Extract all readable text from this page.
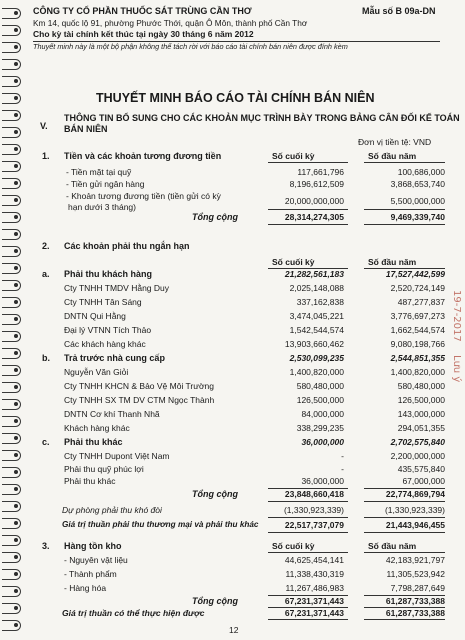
CÔNG TY CỔ PHẦN THUỐC SÁT TRÙNG CẦN THƠ	Mẫu số B 09a-DN
Km 14, quốc lộ 91, phường Phước Thới, quận Ô Môn, thành phố Cần Thơ
Cho kỳ tài chính kết thúc tại ngày 30 tháng 6 năm 2012
Thuyết minh này là một bộ phận không thể tách rời với báo cáo tài chính bán niên được đính kèm
THUYẾT MINH BÁO CÁO TÀI CHÍNH BÁN NIÊN
V.
THÔNG TIN BỔ SUNG CHO CÁC KHOẢN MỤC TRÌNH BÀY TRONG BẢNG CÂN ĐỐI KẾ TOÁN
BÁN NIÊN
Đơn vị tiền tệ: VND
1. Tiền và các khoản tương đương tiền	Số cuối kỳ	Số đầu năm
- Tiền mặt tại quỹ	117,661,796	100,686,000
- Tiền gửi ngân hàng	8,196,612,509	3,868,653,740
- Khoản tương đương tiền (tiền gửi có kỳ
hạn dưới 3 tháng)
20,000,000,000	5,500,000,000
Tổng cộng	28,314,274,305	9,469,339,740
2. Các khoản phải thu ngắn hạn
Số cuối kỳ	Số đầu năm
a. Phải thu khách hàng	21,282,561,183	17,527,442,599
Cty TNHH TMDV Hằng Duy	2,025,148,088	2,520,724,149
Cty TNHH Tân Sáng	337,162,838	487,277,837
DNTN Qui Hằng	3,474,045,221	3,776,697,273
Đại lý VTNN Tích Thảo	1,542,544,574	1,662,544,574
Các khách hàng khác	13,903,660,462	9,080,198,766
b. Trả trước nhà cung cấp	2,530,099,235	2,544,851,355
Nguyễn Văn Giỏi	1,400,820,000	1,400,820,000
Cty TNHH KHCN & Bảo Vệ Môi Trường	580,480,000	580,480,000
Cty TNHH SX TM DV CTM Ngọc Thành	126,500,000	126,500,000
DNTN Cơ khí Thanh Nhã	84,000,000	143,000,000
Khách hàng khác	338,299,235	294,051,355
c. Phải thu khác	36,000,000	2,702,575,840
Cty TNHH Dupont Việt Nam	-	2,200,000,000
Phải thu quỹ phúc lợi	-	435,575,840
Phải thu khác	36,000,000	67,000,000
Tổng cộng	23,848,660,418	22,774,869,794
Dự phòng phải thu khó đòi	(1,330,923,339)	(1,330,923,339)
Giá trị thuần phải thu thương mại và phải thu khác	22,517,737,079	21,443,946,455
3. Hàng tồn kho	Số cuối kỳ	Số đầu năm
- Nguyên vật liệu	44,625,454,141	42,183,921,797
- Thành phẩm	11,338,430,319	11,305,523,942
- Hàng hóa	11,267,486,983	7,798,287,649
Tổng cộng	67,231,371,443	61,287,733,388
Giá trị thuần có thể thực hiện được	67,231,371,443	61,287,733,388
12
19-7-2017
Lưu ý
